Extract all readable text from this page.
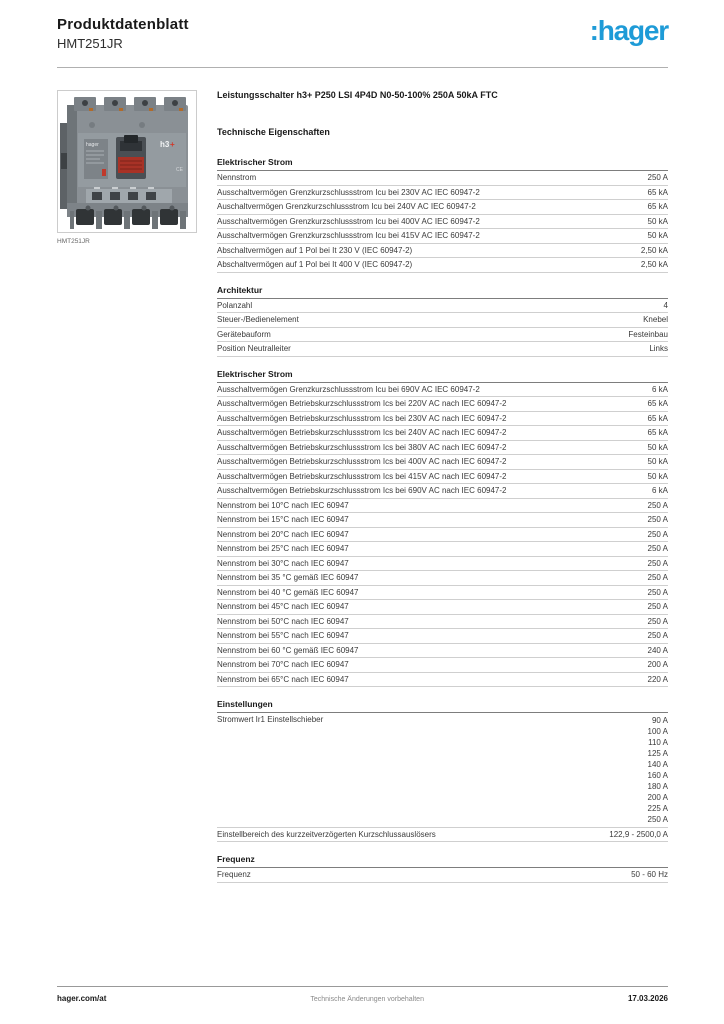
Produktdatenblatt
HMT251JR	:hager
hager	h3 +
CE
HMT251JR
Leistungsschalter h3+ P250 LSI 4P4D N0-50-100% 250A 50kA FTC
Technische Eigenschaften
Elektrischer Strom
Nennstrom	250 A
Ausschaltvermögen Grenzkurzschlussstrom Icu bei 230V AC IEC 60947-2	65 kA
Auschaltvermögen Grenzkurzschlussstrom Icu bei 240V AC IEC 60947-2	65 kA
Ausschaltvermögen Grenzkurzschlussstrom Icu bei 400V AC IEC 60947-2	50 kA
Ausschaltvermögen Grenzkurzschlussstrom Icu bei 415V AC IEC 60947-2	50 kA
Abschaltvermögen auf 1 Pol bei It 230 V (IEC 60947-2)	2,50 kA
Abschaltvermögen auf 1 Pol bei It 400 V (IEC 60947-2)	2,50 kA
Architektur
Polanzahl	4
Steuer-/Bedienelement	Knebel
Gerätebauform	Festeinbau
Position Neutralleiter	Links
Elektrischer Strom
Ausschaltvermögen Grenzkurzschlussstrom Icu bei 690V AC IEC 60947-2	6 kA
Ausschaltvermögen Betriebskurzschlussstrom Ics bei 220V AC nach IEC 60947-2	65 kA
Ausschaltvermögen Betriebskurzschlussstrom Ics bei 230V AC nach IEC 60947-2	65 kA
Ausschaltvermögen Betriebskurzschlussstrom Ics bei 240V AC nach IEC 60947-2	65 kA
Ausschaltvermögen Betriebskurzschlussstrom Ics bei 380V AC nach IEC 60947-2	50 kA
Ausschaltvermögen Betriebskurzschlussstrom Ics bei 400V AC nach IEC 60947-2	50 kA
Ausschaltvermögen Betriebskurzschlussstrom Ics bei 415V AC nach IEC 60947-2	50 kA
Ausschaltvermögen Betriebskurzschlussstrom Ics bei 690V AC nach IEC 60947-2	6 kA
Nennstrom bei 10°C nach IEC 60947	250 A
Nennstrom bei 15°C nach IEC 60947	250 A
Nennstrom bei 20°C nach IEC 60947	250 A
Nennstrom bei 25°C nach IEC 60947	250 A
Nennstrom bei 30°C nach IEC 60947	250 A
Nennstrom bei 35 °C gemäß IEC 60947	250 A
Nennstrom bei 40 °C gemäß IEC 60947	250 A
Nennstrom bei 45°C nach IEC 60947	250 A
Nennstrom bei 50°C nach IEC 60947	250 A
Nennstrom bei 55°C nach IEC 60947	250 A
Nennstrom bei 60 °C gemäß IEC 60947	240 A
Nennstrom bei 70°C nach IEC 60947	200 A
Nennstrom bei 65°C nach IEC 60947	220 A
Einstellungen
Stromwert Ir1 Einstellschieber	90 A
100 A
110 A
125 A
140 A
160 A
180 A
200 A
225 A
250 A
Einstellbereich des kurzzeitverzögerten Kurzschlussauslösers	122,9 - 2500,0 A
Frequenz
Frequenz	50 - 60 Hz
hager.com/at	Technische Änderungen vorbehalten	17.03.2026
